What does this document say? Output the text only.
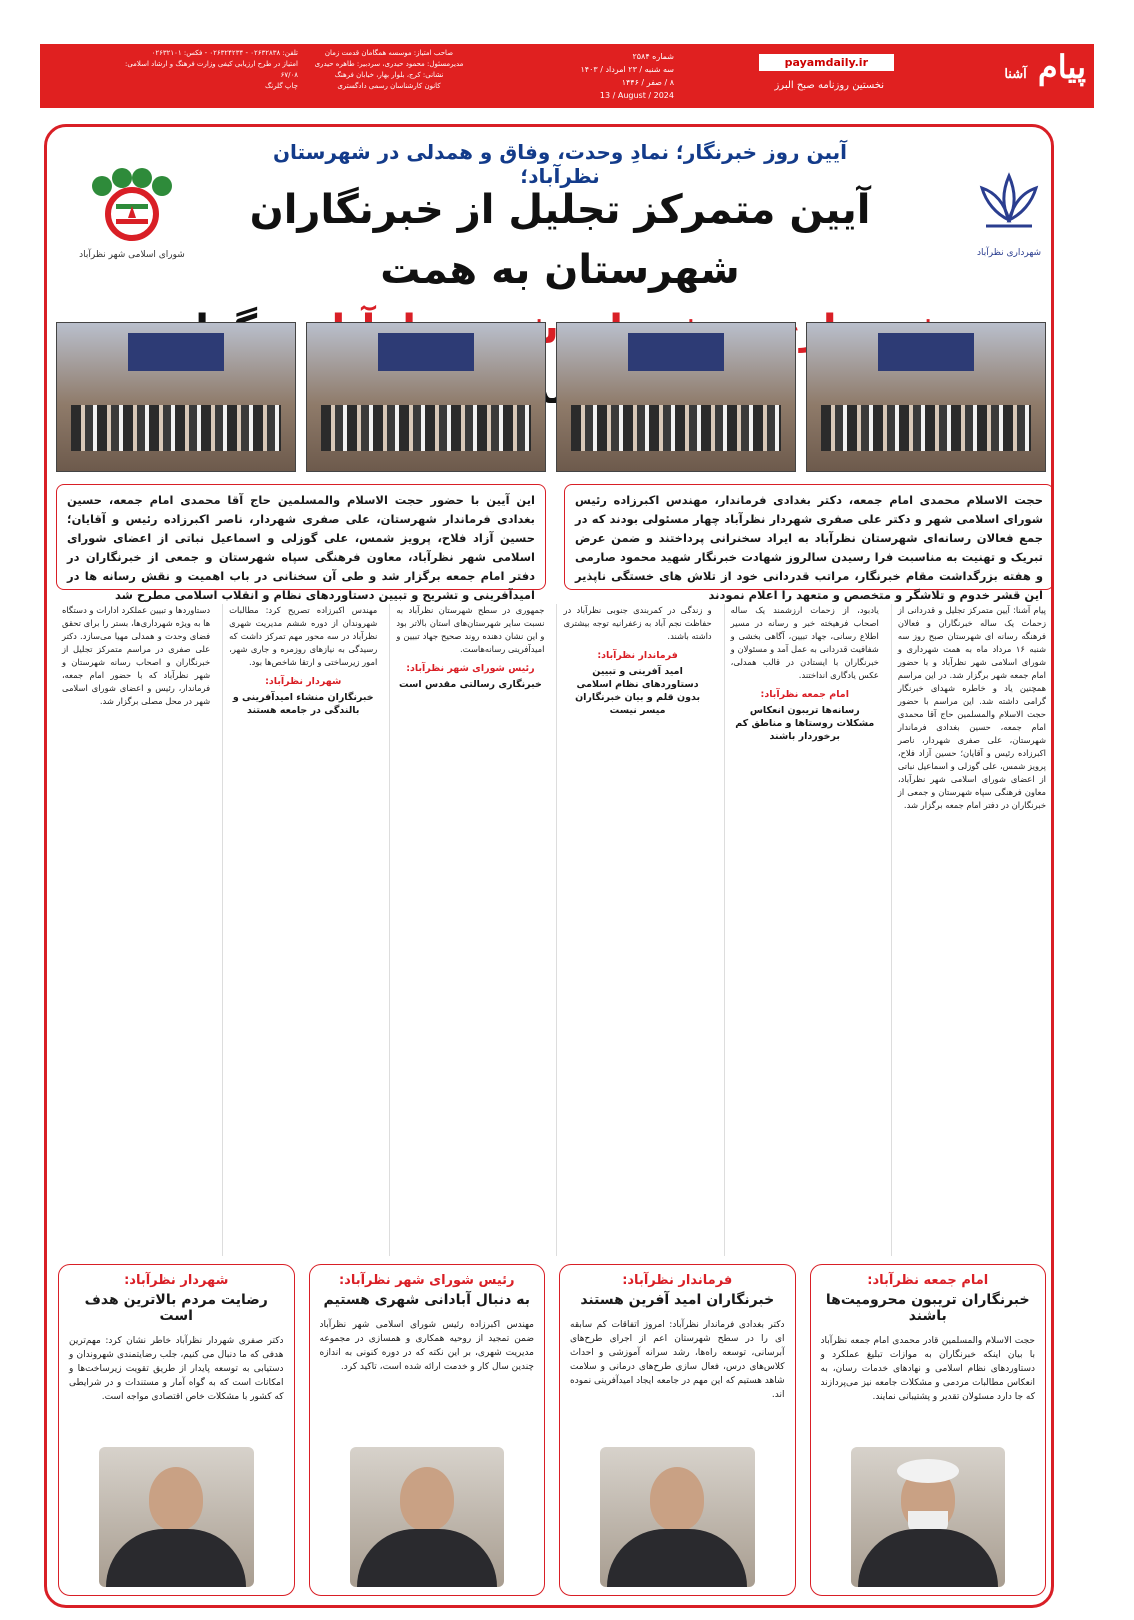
پیام آشنا
payamdaily.ir
نخستین روزنامه صبح البرز
شماره ۲۵۸۴
سه شنبه / ۲۳ امرداد / ۱۴۰۳
۸ / صفر / ۱۴۴۶
13 / August / 2024
صاحب امتیاز: موسسه همگامان قدمت زمان
مدیرمسئول: محمود حیدری، سردبیر: طاهره حیدری
نشانی: کرج، بلوار بهار، خیابان فرهنگ
کانون کارشناسان رسمی دادگستری
تلفن: ۰۲۶۳۲۸۳۸ - ۰۲۶۳۲۴۲۳۴ - فکس: ۰۲۶۳۲۱۰۱
امتیاز در طرح ارزیابی کیفی وزارت فرهنگ و ارشاد اسلامی:
۶۷/۰۸
چاپ گلرنگ
شهرداری نظرآباد
شورای اسلامی شهر نظرآباد
آیین روز خبرنگار؛ نمادِ وحدت، وفاق و همدلی در شهرستان نظرآباد؛
آیین متمرکز تجلیل از خبرنگاران شهرستان به همت
حجت الاسلام محمدی امام جمعه، دکتر بغدادی فرماندار، مهندس اکبرزاده رئیس شورای اسلامی شهر و دکتر علی صفری شهردار نظرآباد چهار مسئولی بودند که در جمع فعالان رسانه‌ای شهرستان نظرآباد به ایراد سخنرانی پرداختند و ضمن عرض تبریک و تهنیت به مناسبت فرا رسیدن سالروز شهادت خبرنگار شهید محمود صارمی و هفته بزرگداشت مقام خبرنگار، مراتب قدردانی خود از تلاش های خستگی ناپذیر این قشر خدوم و تلاشگر و متخصص و متعهد را اعلام نمودند
این آیین با حضور حجت الاسلام والمسلمین حاج آقا محمدی امام جمعه، حسین بغدادی فرماندار شهرستان، علی صفری شهردار، ناصر اکبرزاده رئیس و آقایان؛ حسین آزاد فلاح، پرویز شمس، علی گوزلی و اسماعیل نباتی از اعضای شورای اسلامی شهر نظرآباد، معاون فرهنگی سپاه شهرستان و جمعی از خبرنگاران در دفتر امام جمعه برگزار شد و طی آن سخنانی در باب اهمیت و نقش رسانه ها در امیدآفرینی و تشریح و تبیین دستاوردهای نظام و انقلاب اسلامی مطرح شد

پیام آشنا: آیین متمرکز تجلیل و قدردانی از زحمات یک ساله خبرنگاران و فعالان فرهنگه رسانه ای شهرستان صبح روز سه شنبه ۱۶ مرداد ماه به همت شهرداری و شورای اسلامی شهر نظرآباد و با حضور امام جمعه شهر برگزار شد. در این مراسم همچنین یاد و خاطره شهدای خبرنگار گرامی داشته شد. این مراسم با حضور حجت الاسلام والمسلمین حاج آقا محمدی امام جمعه، حسین بغدادی فرماندار شهرستان، علی صفری شهردار، ناصر اکبرزاده رئیس و آقایان؛ حسین آزاد فلاح، پرویز شمس، علی گوزلی و اسماعیل نباتی از اعضای شورای اسلامی شهر نظرآباد، معاون فرهنگی سپاه شهرستان و جمعی از خبرنگاران در دفتر امام جمعه برگزار شد.

یادبود، از زحمات ارزشمند یک ساله اصحاب فرهیخته خبر و رسانه در مسیر اطلاع رسانی، جهاد تبیین، آگاهی بخشی و شفافیت قدردانی به عمل آمد و مسئولان و خبرنگاران با ایستادن در قالب همدلی، عکس یادگاری انداختند.

امام جمعه نظرآباد:
رسانه‌ها تریبون انعکاس مشکلات روستاها و مناطق کم برخوردار باشند

و زندگی در کمربندی جنوبی نظرآباد در حفاظت نجم آباد به زعفرانیه توجه بیشتری داشته باشند.

فرماندار نظرآباد:
امید آفرینی و تبیین دستاوردهای نظام اسلامی بدون قلم و بیان خبرنگاران میسر نیست

جمهوری در سطح شهرستان نظرآباد به نسبت سایر شهرستان‌های استان بالاتر بود و این نشان دهنده روند صحیح جهاد تبیین و امیدآفرینی رسانه‌هاست.

رئیس شورای شهر نظرآباد:
خبرنگاری رسالتی مقدس است

مهندس اکبرزاده تصریح کرد: مطالبات شهروندان از دوره ششم مدیریت شهری نظرآباد در سه محور مهم تمرکز داشت که رسیدگی به نیازهای روزمره و جاری شهر، امور زیرساختی و ارتقا شاخص‌ها بود.

شهردار نظرآباد:
خبرنگاران منشاء امیدآفرینی و بالندگی در جامعه هستند

دستاوردها و تبیین عملکرد ادارات و دستگاه ها به ویژه شهرداری‌ها، بستر را برای تحقق فضای وحدت و همدلی مهیا می‌سازد. دکتر علی صفری در مراسم متمرکز تجلیل از خبرنگاران و اصحاب رسانه شهرستان و شهر نظرآباد که با حضور امام جمعه، فرماندار، رئیس و اعضای شورای اسلامی شهر در محل مصلی برگزار شد.

امام جمعه نظرآباد:
خبرنگاران تریبون محرومیت‌ها باشند
حجت الاسلام والمسلمین قادر محمدی امام جمعه نظرآباد با بیان اینکه خبرنگاران به موازات تبلیغ عملکرد و دستاوردهای نظام اسلامی و نهادهای خدمات رسان، به انعکاس مطالبات مردمی و مشکلات جامعه نیز می‌پردازند که جا دارد مسئولان تقدیر و پشتیبانی نمایند.
فرماندار نظرآباد:
خبرنگاران امید آفرین هستند
دکتر بغدادی فرماندار نظرآباد: امروز اتفاقات کم سابقه ای را در سطح شهرستان اعم از اجرای طرح‌های آبرسانی، توسعه راه‌ها، رشد سرانه آموزشی و احداث کلاس‌های درس، فعال سازی طرح‌های درمانی و سلامت شاهد هستیم که این مهم در جامعه ایجاد امیدآفرینی نموده اند.
رئیس شورای شهر نظرآباد:
به دنبال آبادانی شهری هستیم
مهندس اکبرزاده رئیس شورای اسلامی شهر نظرآباد ضمن تمجید از روحیه همکاری و همسازی در مجموعه مدیریت شهری، بر این نکته که در دوره کنونی به اندازه چندین سال کار و خدمت ارائه شده است، تاکید کرد.
شهردار نظرآباد:
رضایت مردم بالاترین هدف است
دکتر صفری شهردار نظرآباد خاطر نشان کرد: مهم‌ترین هدفی که ما دنبال می کنیم، جلب رضایتمندی شهروندان و دستیابی به توسعه پایدار از طریق تقویت زیرساخت‌ها و امکانات است که به گواه آمار و مستندات و در شرایطی که کشور با مشکلات خاص اقتصادی مواجه است.
